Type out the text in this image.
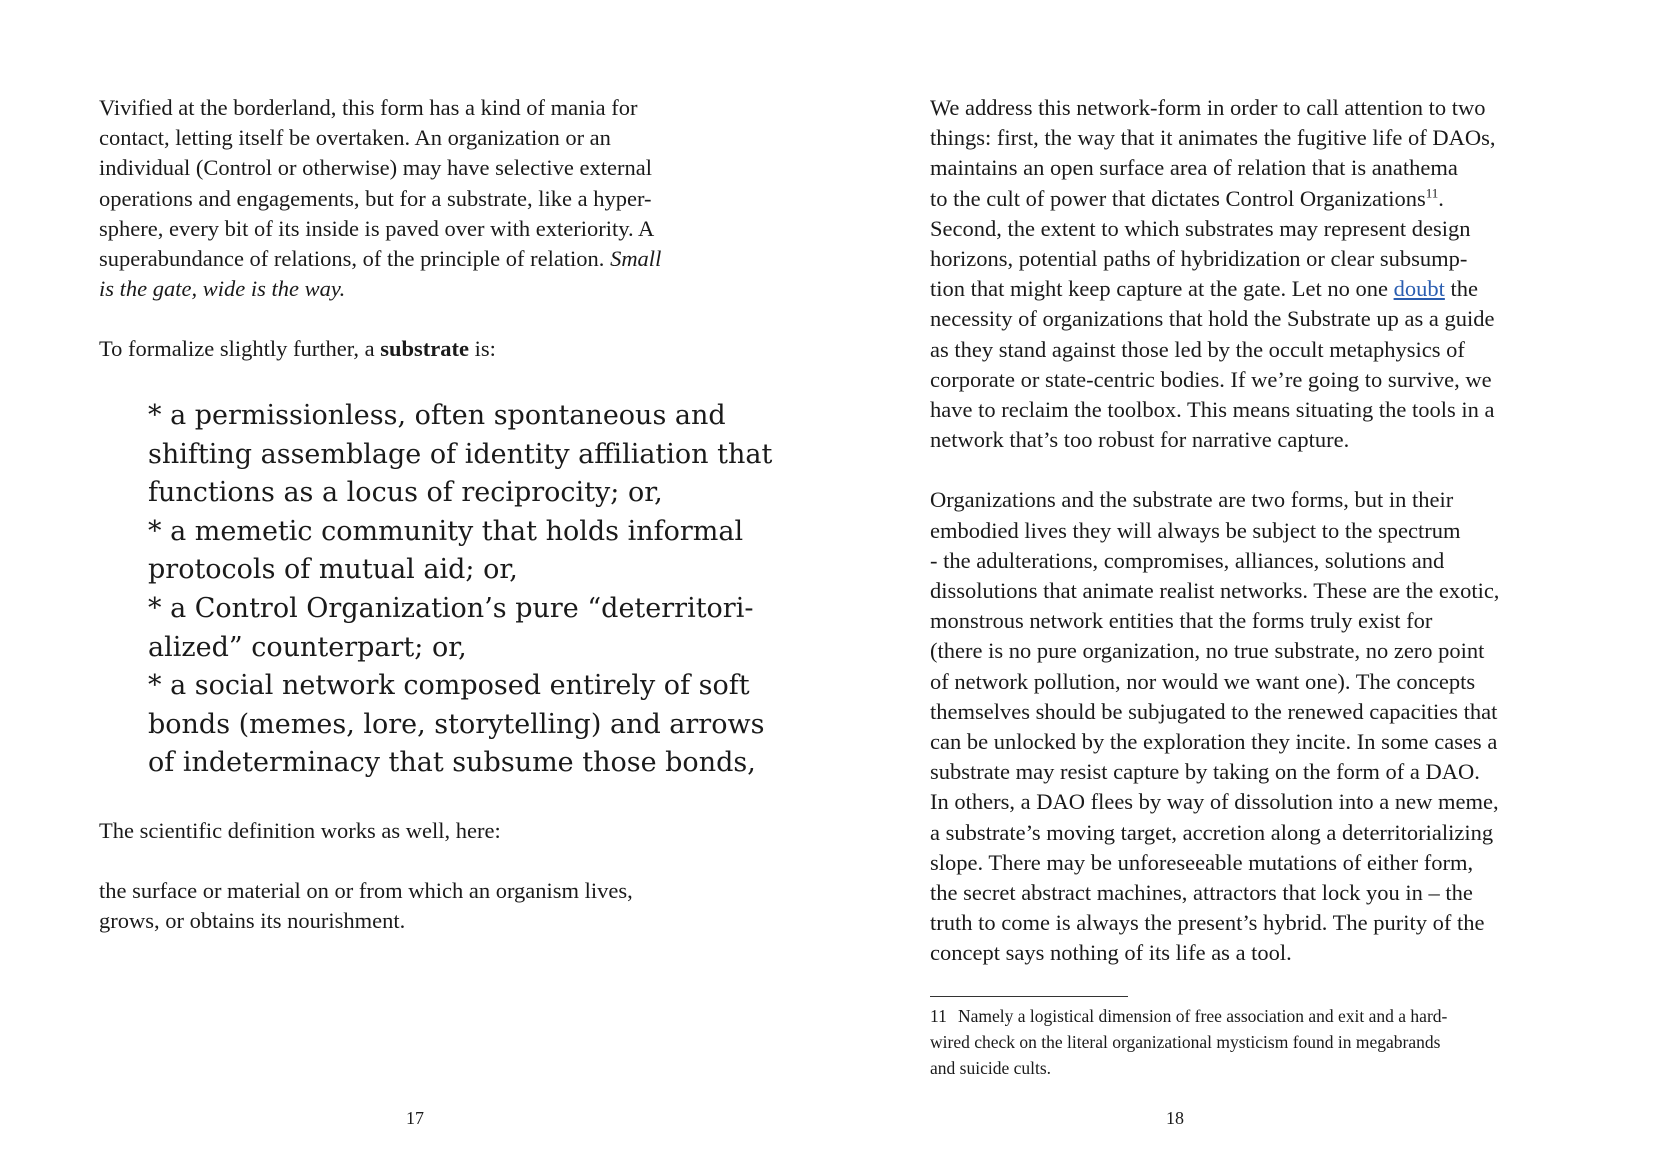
Vivified at the borderland, this form has a kind of mania for
contact, letting itself be overtaken. An organization or an
individual (Control or otherwise) may have selective external
operations and engagements, but for a substrate, like a hyper-
sphere, every bit of its inside is paved over with exteriority. A
superabundance of relations, of the principle of relation. Small
is the gate, wide is the way.

To formalize slightly further, a substrate is:

* a permissionless, often spontaneous and
shifting assemblage of identity affiliation that
functions as a locus of reciprocity; or,
* a memetic community that holds informal
protocols of mutual aid; or,
* a Control Organization’s pure “deterritori-
alized” counterpart; or,
* a social network composed entirely of soft
bonds (memes, lore, storytelling) and arrows
of indeterminacy that subsume those bonds,
The scientific definition works as well, here:
the surface or material on or from which an organism lives,
grows, or obtains its nourishment.
17

We address this network-form in order to call attention to two
things: first, the way that it animates the fugitive life of DAOs,
maintains an open surface area of relation that is anathema
to the cult of power that dictates Control Organizations$^{11}$.
Second, the extent to which substrates may represent design
horizons, potential paths of hybridization or clear subsump-
tion that might keep capture at the gate. Let no one doubt the
necessity of organizations that hold the Substrate up as a guide
as they stand against those led by the occult metaphysics of
corporate or state-centric bodies. If we’re going to survive, we
have to reclaim the toolbox. This means situating the tools in a
network that’s too robust for narrative capture.

Organizations and the substrate are two forms, but in their
embodied lives they will always be subject to the spectrum
- the adulterations, compromises, alliances, solutions and
dissolutions that animate realist networks. These are the exotic,
monstrous network entities that the forms truly exist for
(there is no pure organization, no true substrate, no zero point
of network pollution, nor would we want one). The concepts
themselves should be subjugated to the renewed capacities that
can be unlocked by the exploration they incite. In some cases a
substrate may resist capture by taking on the form of a DAO.
In others, a DAO flees by way of dissolution into a new meme,
a substrate’s moving target, accretion along a deterritorializing
slope. There may be unforeseeable mutations of either form,
the secret abstract machines, attractors that lock you in – the
truth to come is always the present’s hybrid. The purity of the
concept says nothing of its life as a tool.

11 Namely a logistical dimension of free association and exit and a hard-
wired check on the literal organizational mysticism found in megabrands
and suicide cults.
18
